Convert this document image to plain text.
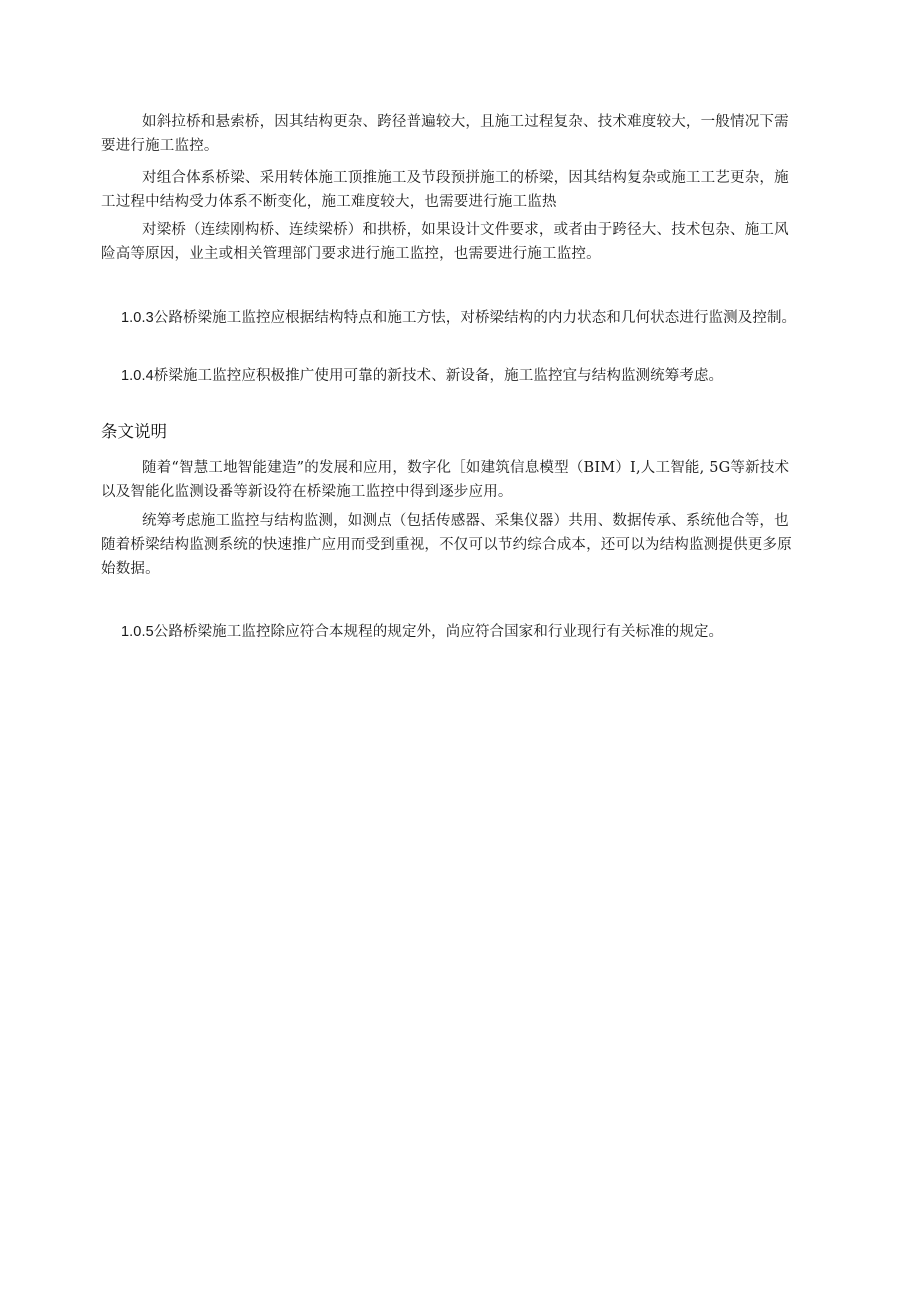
如斜拉桥和悬索桥，因其结构更杂、跨径普遍较大，且施工过程复杂、技术难度较大，一般情况下需
要进行施工监控。
对组合体系桥梁、采用转体施工顶推施工及节段预拼施工的桥梁，因其结构复杂或施工工艺更杂，施
工过程中结构受力体系不断变化，施工难度较大，也需要进行施工监热
对梁桥（连续刚构桥、连续梁桥）和拱桥，如果设计文件要求，或者由于跨径大、技术包杂、施工风
险高等原因，业主或相关管理部门要求进行施工监控，也需要进行施工监控。
1.0.3公路桥梁施工监控应根据结构特点和施工方怯，对桥梁结构的内力状态和几何状态进行监测及控制。
1.0.4桥梁施工监控应积极推广使用可靠的新技术、新设备，施工监控宜与结构监测统筹考虑。
条文说明
随着“智慧工地智能建造”的发展和应用，数字化［如建筑信息模型（BIM）I,人工智能, 5G等新技术
以及智能化监测设番等新设符在桥梁施工监控中得到逐步应用。
统筹考虑施工监控与结构监测，如测点（包括传感器、采集仪器）共用、数据传承、系统他合等，也
随着桥梁结构监测系统的快速推广应用而受到重视，不仅可以节约综合成本，还可以为结构监测提供更多原
始数据。
1.0.5公路桥梁施工监控除应符合本规程的规定外，尚应符合国家和行业现行有关标准的规定。
